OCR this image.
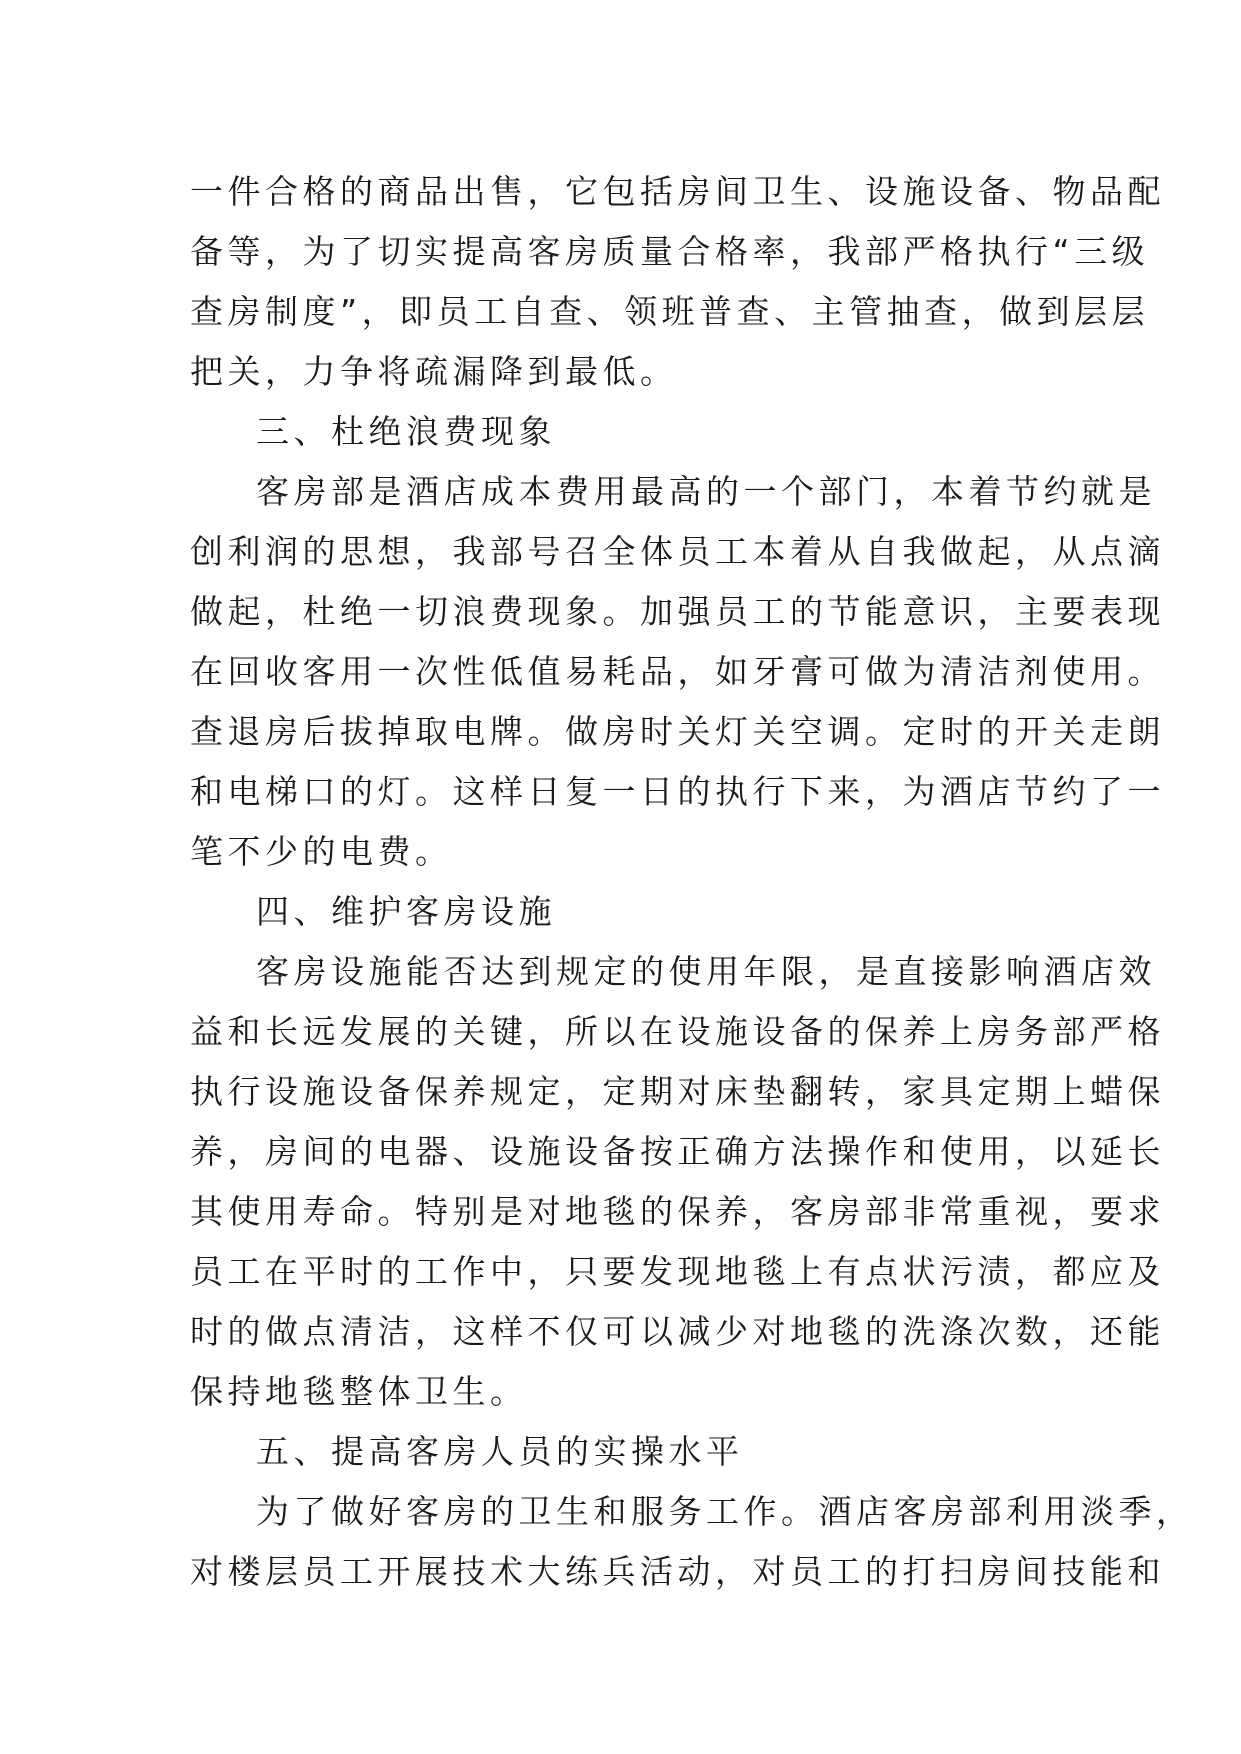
一件合格的商品出售，它包括房间卫生、设施设备、物品配
备等，为了切实提高客房质量合格率，我部严格执行“三级
查房制度”，即员工自查、领班普查、主管抽查，做到层层
把关，力争将疏漏降到最低。
三、杜绝浪费现象
客房部是酒店成本费用最高的一个部门，本着节约就是
创利润的思想，我部号召全体员工本着从自我做起，从点滴
做起，杜绝一切浪费现象。加强员工的节能意识，主要表现
在回收客用一次性低值易耗品，如牙膏可做为清洁剂使用。
查退房后拔掉取电牌。做房时关灯关空调。定时的开关走朗
和电梯口的灯。这样日复一日的执行下来，为酒店节约了一
笔不少的电费。
四、维护客房设施
客房设施能否达到规定的使用年限，是直接影响酒店效
益和长远发展的关键，所以在设施设备的保养上房务部严格
执行设施设备保养规定，定期对床垫翻转，家具定期上蜡保
养，房间的电器、设施设备按正确方法操作和使用，以延长
其使用寿命。特别是对地毯的保养，客房部非常重视，要求
员工在平时的工作中，只要发现地毯上有点状污渍，都应及
时的做点清洁，这样不仅可以减少对地毯的洗涤次数，还能
保持地毯整体卫生。
五、提高客房人员的实操水平
为了做好客房的卫生和服务工作。酒店客房部利用淡季，
对楼层员工开展技术大练兵活动，对员工的打扫房间技能和
